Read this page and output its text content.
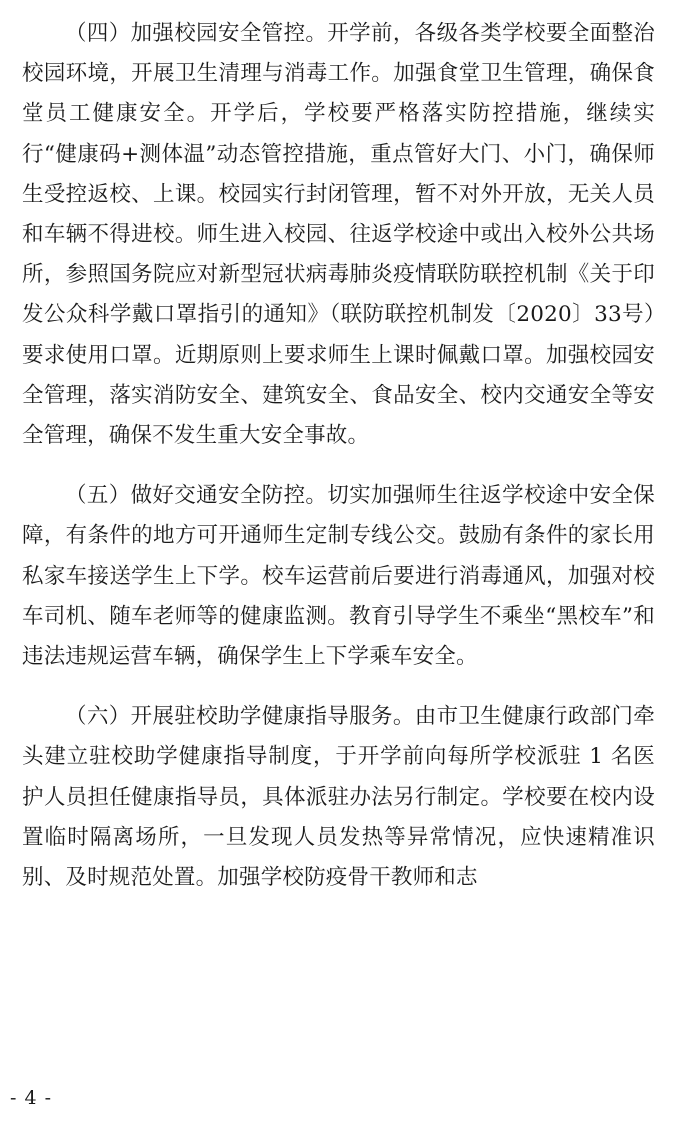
（四）加强校园安全管控。开学前，各级各类学校要全面整治校园环境，开展卫生清理与消毒工作。加强食堂卫生管理，确保食堂员工健康安全。开学后，学校要严格落实防控措施，继续实行“健康码+测体温”动态管控措施，重点管好大门、小门，确保师生受控返校、上课。校园实行封闭管理，暂不对外开放，无关人员和车辆不得进校。师生进入校园、往返学校途中或出入校外公共场所，参照国务院应对新型冠状病毒肺炎疫情联防联控机制《关于印发公众科学戴口罩指引的通知》（联防联控机制发〔2020〕33号）要求使用口罩。近期原则上要求师生上课时佩戴口罩。加强校园安全管理，落实消防安全、建筑安全、食品安全、校内交通安全等安全管理，确保不发生重大安全事故。

（五）做好交通安全防控。切实加强师生往返学校途中安全保障，有条件的地方可开通师生定制专线公交。鼓励有条件的家长用私家车接送学生上下学。校车运营前后要进行消毒通风，加强对校车司机、随车老师等的健康监测。教育引导学生不乘坐“黑校车”和违法违规运营车辆，确保学生上下学乘车安全。

（六）开展驻校助学健康指导服务。由市卫生健康行政部门牵头建立驻校助学健康指导制度，于开学前向每所学校派驻 1 名医护人员担任健康指导员，具体派驻办法另行制定。学校要在校内设置临时隔离场所，一旦发现人员发热等异常情况，应快速精准识别、及时规范处置。加强学校防疫骨干教师和志

- 4 -
